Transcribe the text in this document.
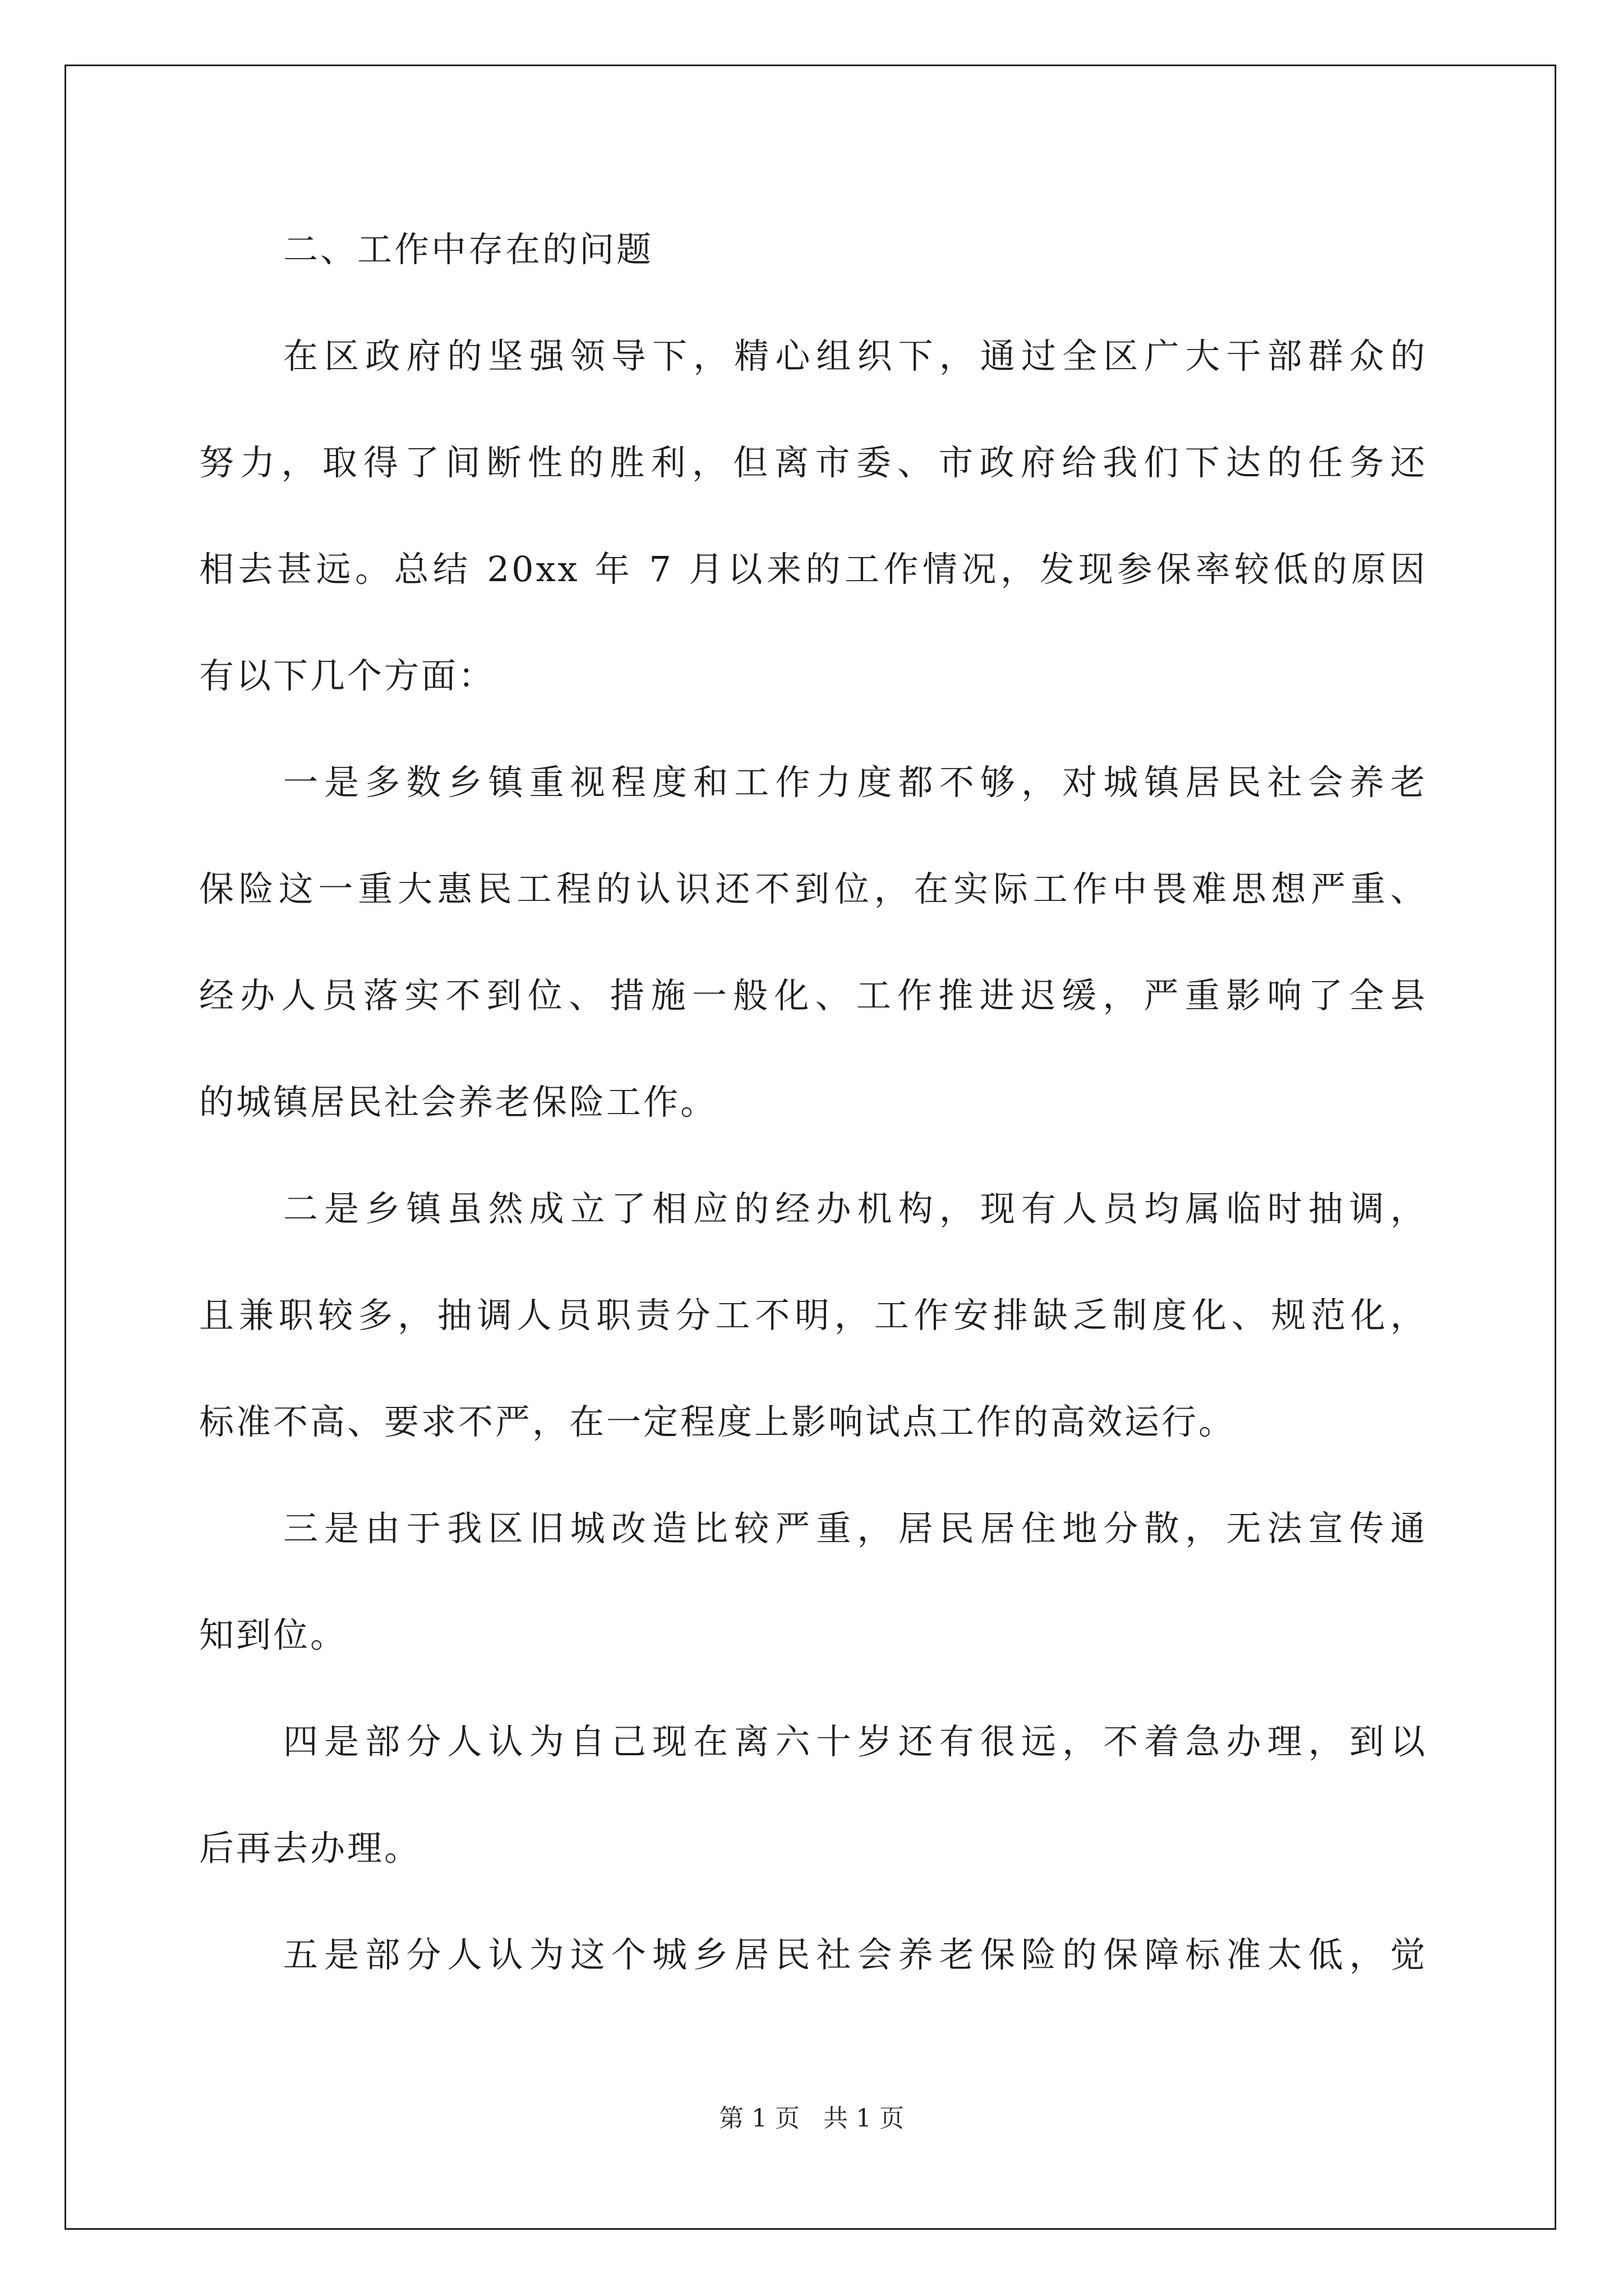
二、工作中存在的问题
在区政府的坚强领导下，精心组织下，通过全区广大干部群众的
努力，取得了间断性的胜利，但离市委、市政府给我们下达的任务还
相去甚远。总结 20xx 年 7 月以来的工作情况，发现参保率较低的原因
有以下几个方面：
一是多数乡镇重视程度和工作力度都不够，对城镇居民社会养老
保险这一重大惠民工程的认识还不到位，在实际工作中畏难思想严重、
经办人员落实不到位、措施一般化、工作推进迟缓，严重影响了全县
的城镇居民社会养老保险工作。
二是乡镇虽然成立了相应的经办机构，现有人员均属临时抽调，
且兼职较多，抽调人员职责分工不明，工作安排缺乏制度化、规范化，
标准不高、要求不严，在一定程度上影响试点工作的高效运行。
三是由于我区旧城改造比较严重，居民居住地分散，无法宣传通
知到位。
四是部分人认为自己现在离六十岁还有很远，不着急办理，到以
后再去办理。
五是部分人认为这个城乡居民社会养老保险的保障标准太低，觉
第 1 页   共 1 页
